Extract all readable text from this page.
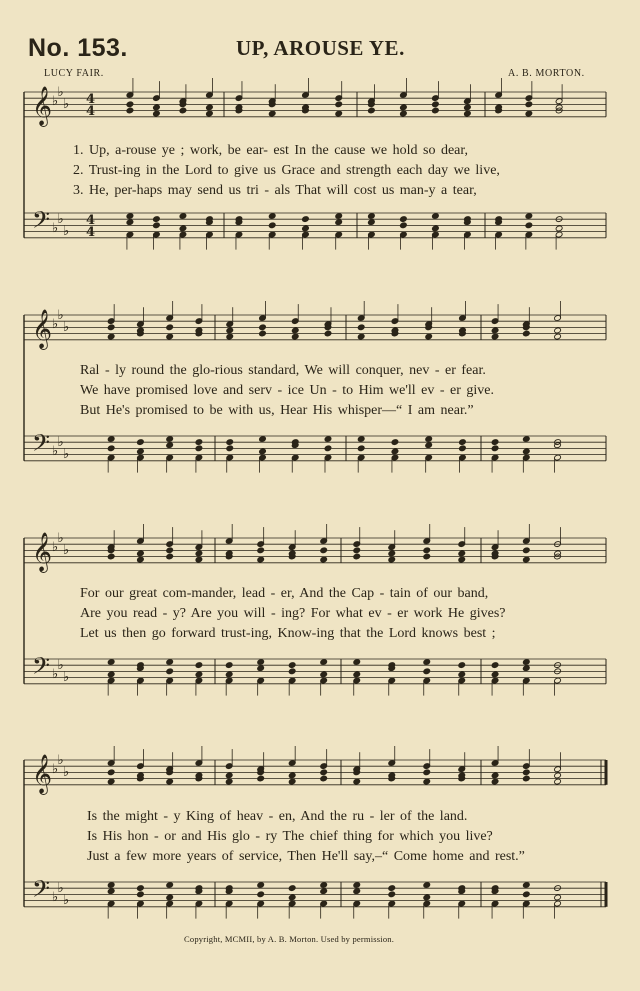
No. 153.	UP, AROUSE YE.
LUCY FAIR.	A. B. MORTON.
𝄞
𝄢
♭
♭
♭
♭
♭
♭
4
4
4
4
𝄞
𝄢
♭
♭
♭
♭
♭
♭
𝄞
𝄢
♭
♭
♭
♭
♭
♭
𝄞
𝄢
♭
♭
♭
♭
♭
♭
1. Up, a-rouse ye ; work, be ear- est In the cause we hold so dear,
2. Trust-ing in the Lord to give us Grace and strength each day we live,
3. He, per-haps may send us tri - als That will cost us man-y a tear,
Ral - ly round the glo-rious standard, We will conquer, nev - er fear.
We have promised love and serv - ice Un - to Him we'll ev - er give.
But He's promised to be with us, Hear His whisper—“ I am near.”
For our great com-mander, lead - er, And the Cap - tain of our band,
Are you read - y? Are you will - ing? For what ev - er work He gives?
Let us then go forward trust-ing, Know-ing that the Lord knows best ;
Is the might - y King of heav - en, And the ru - ler of the land.
Is His hon - or and His glo - ry The chief thing for which you live?
Just a few more years of service, Then He'll say,–“ Come home and rest.”
Copyright, MCMII, by A. B. Morton. Used by permission.
